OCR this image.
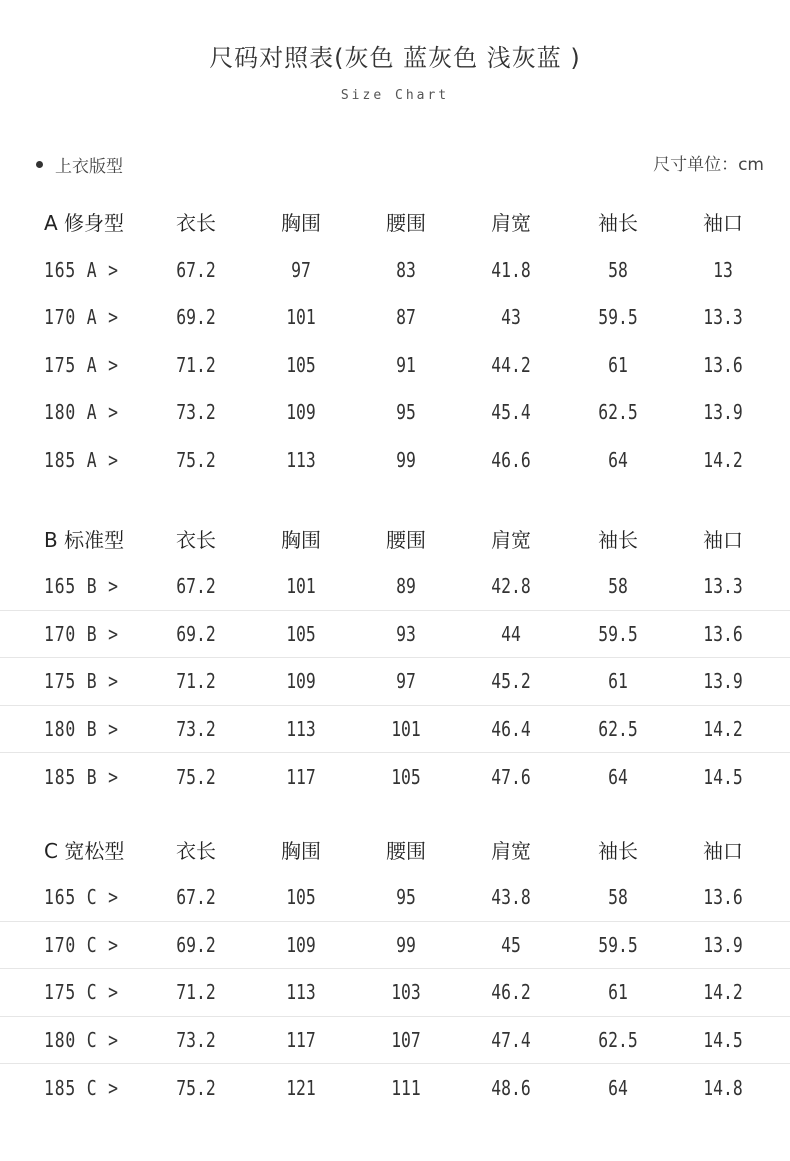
尺码对照表(灰色 蓝灰色 浅灰蓝 )
Size Chart
上衣版型	尺寸单位：cm
A 修身型	衣长	胸围	腰围	肩宽	袖长	袖口
165 A >	67.2	97	83	41.8	58	13
170 A >	69.2	101	87	43	59.5	13.3
175 A >	71.2	105	91	44.2	61	13.6
180 A >	73.2	109	95	45.4	62.5	13.9
185 A >	75.2	113	99	46.6	64	14.2
B 标准型	衣长	胸围	腰围	肩宽	袖长	袖口
165 B >	67.2	101	89	42.8	58	13.3
170 B >	69.2	105	93	44	59.5	13.6
175 B >	71.2	109	97	45.2	61	13.9
180 B >	73.2	113	101	46.4	62.5	14.2
185 B >	75.2	117	105	47.6	64	14.5
C 宽松型	衣长	胸围	腰围	肩宽	袖长	袖口
165 C >	67.2	105	95	43.8	58	13.6
170 C >	69.2	109	99	45	59.5	13.9
175 C >	71.2	113	103	46.2	61	14.2
180 C >	73.2	117	107	47.4	62.5	14.5
185 C >	75.2	121	111	48.6	64	14.8
